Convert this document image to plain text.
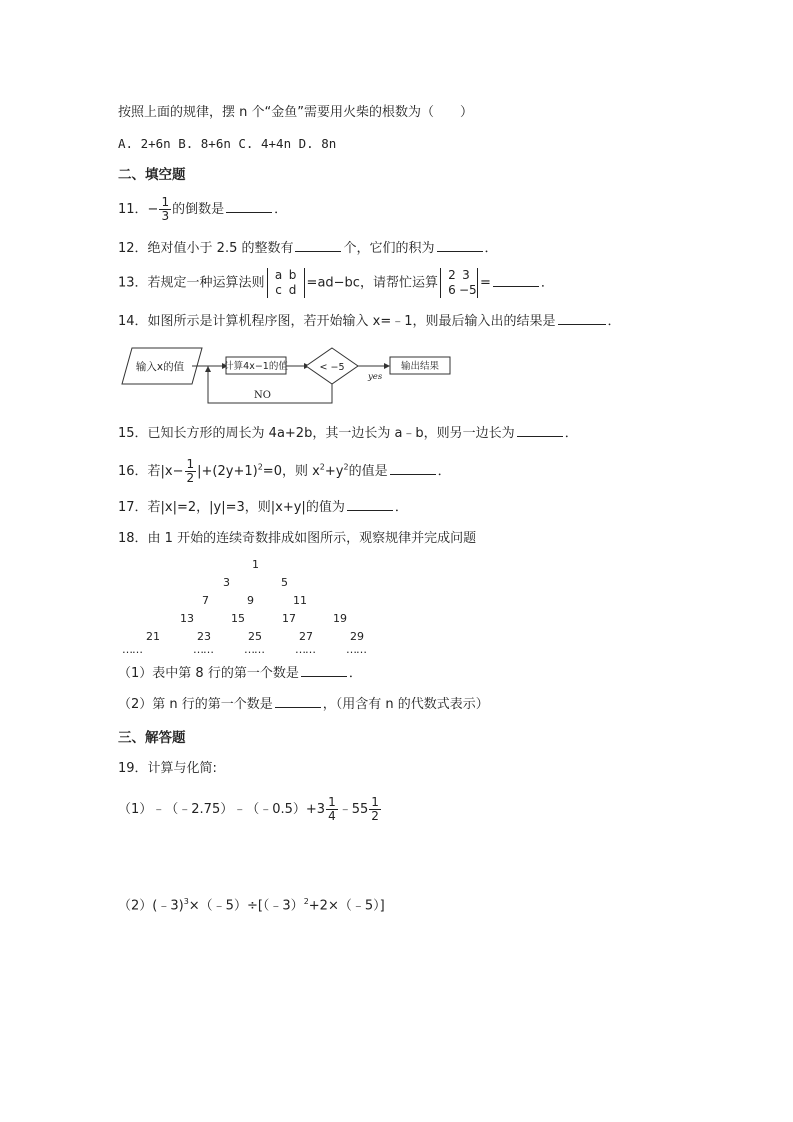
按照上面的规律，摆 n 个“金鱼”需要用火柴的根数为（　　）
A. 2+6n B. 8+6n C. 4+4n D. 8n
二、填空题
11．− $\frac{1}{3}$ 的倒数是	．
12．绝对值小于 2.5 的整数有	个，它们的积为	．
13．若规定一种运算法则a b
c d =ad−bc，请帮忙运算2 3
6 −5 =	．
14．如图所示是计算机程序图，若开始输入 x=﹣1，则最后输入出的结果是	．
输入x的值	计算4x−1的值	< −5
yes
输出结果
NO
15．已知长方形的周长为 4a+2b，其一边长为 a﹣b，则另一边长为	．
16．若$|x- \frac{1}{2} |+(2y+1)^2=0$，则 $x^2+y^2$的值是	．
17．若|x|=2，|y|=3，则|x+y|的值为	．
18．由 1 开始的连续奇数排成如图所示，观察规律并完成问题
1
3	5
7	9	11
13	15	17	19
21	23	25	27	29
……	……	……	……	……
（1）表中第 8 行的第一个数是	．
（2）第 n 行的第一个数是	，（用含有 n 的代数式表示）
三、解答题
19．计算与化简:
（1）﹣（﹣2.75）﹣（﹣0.5）+3 $\frac{1}{4}$ ﹣55 $\frac{1}{2}$
（2）(﹣3)$^3$×（﹣5）÷[（﹣3）$^2$+2×（﹣5）]
